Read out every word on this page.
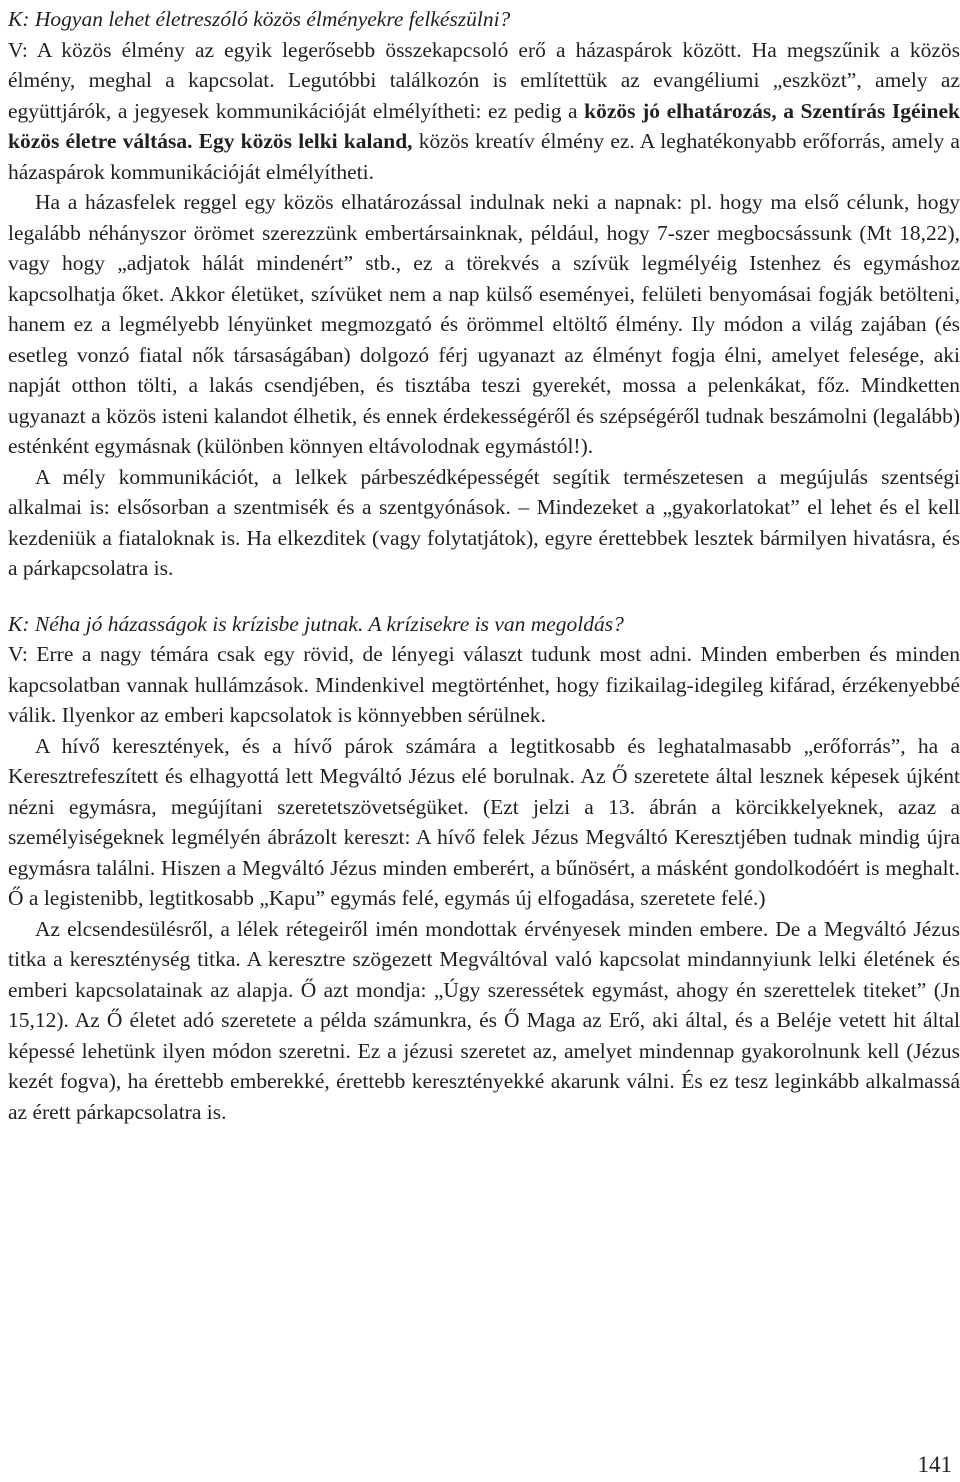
K: Hogyan lehet életreszóló közös élményekre felkészülni?

V: A közös élmény az egyik legerősebb összekapcsoló erő a házaspárok között. Ha megszűnik a közös élmény, meghal a kapcsolat. Legutóbbi találkozón is említettük az evangéliumi „eszközt”, amely az együttjárók, a jegyesek kommunikációját elmélyítheti: ez pedig a közös jó elhatározás, a Szentírás Igéinek közös életre váltása. Egy közös lelki kaland, közös kreatív élmény ez. A leghatékonyabb erőforrás, amely a házaspárok kommunikációját elmélyítheti.

Ha a házasfelek reggel egy közös elhatározással indulnak neki a napnak: pl. hogy ma első célunk, hogy legalább néhányszor örömet szerezzünk embertársainknak, például, hogy 7-szer megbocsássunk (Mt 18,22), vagy hogy „adjatok hálát mindenért” stb., ez a törekvés a szívük legmélyéig Istenhez és egymáshoz kapcsolhatja őket. Akkor életüket, szívüket nem a nap külső eseményei, felületi benyomásai fogják betölteni, hanem ez a legmélyebb lényünket megmozgató és örömmel eltöltő élmény. Ily módon a világ zajában (és esetleg vonzó fiatal nők társaságában) dolgozó férj ugyanazt az élményt fogja élni, amelyet felesége, aki napját otthon tölti, a lakás csendjében, és tisztába teszi gyerekét, mossa a pelenkákat, főz. Mindketten ugyanazt a közös isteni kalandot élhetik, és ennek érdekességéről és szépségéről tudnak beszámolni (legalább) esténként egymásnak (különben könnyen eltávolodnak egymástól!).

A mély kommunikációt, a lelkek párbeszédképességét segítik természetesen a megújulás szentségi alkalmai is: elsősorban a szentmisék és a szentgyónások. – Mindezeket a „gyakorlatokat” el lehet és el kell kezdeniük a fiataloknak is. Ha elkezditek (vagy folytatjátok), egyre érettebbek lesztek bármilyen hivatásra, és a párkapcsolatra is.

K: Néha jó házasságok is krízisbe jutnak. A krízisekre is van megoldás?

V: Erre a nagy témára csak egy rövid, de lényegi választ tudunk most adni. Minden emberben és minden kapcsolatban vannak hullámzások. Mindenkivel megtörténhet, hogy fizikailag-idegileg kifárad, érzékenyebbé válik. Ilyenkor az emberi kapcsolatok is könnyebben sérülnek.

A hívő keresztények, és a hívő párok számára a legtitkosabb és leghatalmasabb „erőforrás”, ha a Keresztrefeszített és elhagyottá lett Megváltó Jézus elé borulnak. Az Ő szeretete által lesznek képesek újként nézni egymásra, megújítani szeretetszövetségüket. (Ezt jelzi a 13. ábrán a körcikkelyeknek, azaz a személyiségeknek legmélyén ábrázolt kereszt: A hívő felek Jézus Megváltó Keresztjében tudnak mindig újra egymásra találni. Hiszen a Megváltó Jézus minden emberért, a bűnösért, a másként gondolkodóért is meghalt. Ő a legistenibb, legtitkosabb „Kapu” egymás felé, egymás új elfogadása, szeretete felé.)

Az elcsendesülésről, a lélek rétegeiről imén mondottak érvényesek minden embere. De a Megváltó Jézus titka a kereszténység titka. A keresztre szögezett Megváltóval való kapcsolat mindannyiunk lelki életének és emberi kapcsolatainak az alapja. Ő azt mondja: „Úgy szeressétek egymást, ahogy én szerettelek titeket” (Jn 15,12). Az Ő életet adó szeretete a példa számunkra, és Ő Maga az Erő, aki által, és a Beléje vetett hit által képessé lehetünk ilyen módon szeretni. Ez a jézusi szeretet az, amelyet mindennap gyakorolnunk kell (Jézus kezét fogva), ha érettebb emberekké, érettebb keresztényekké akarunk válni. És ez tesz leginkább alkalmassá az érett párkapcsolatra is.

141
